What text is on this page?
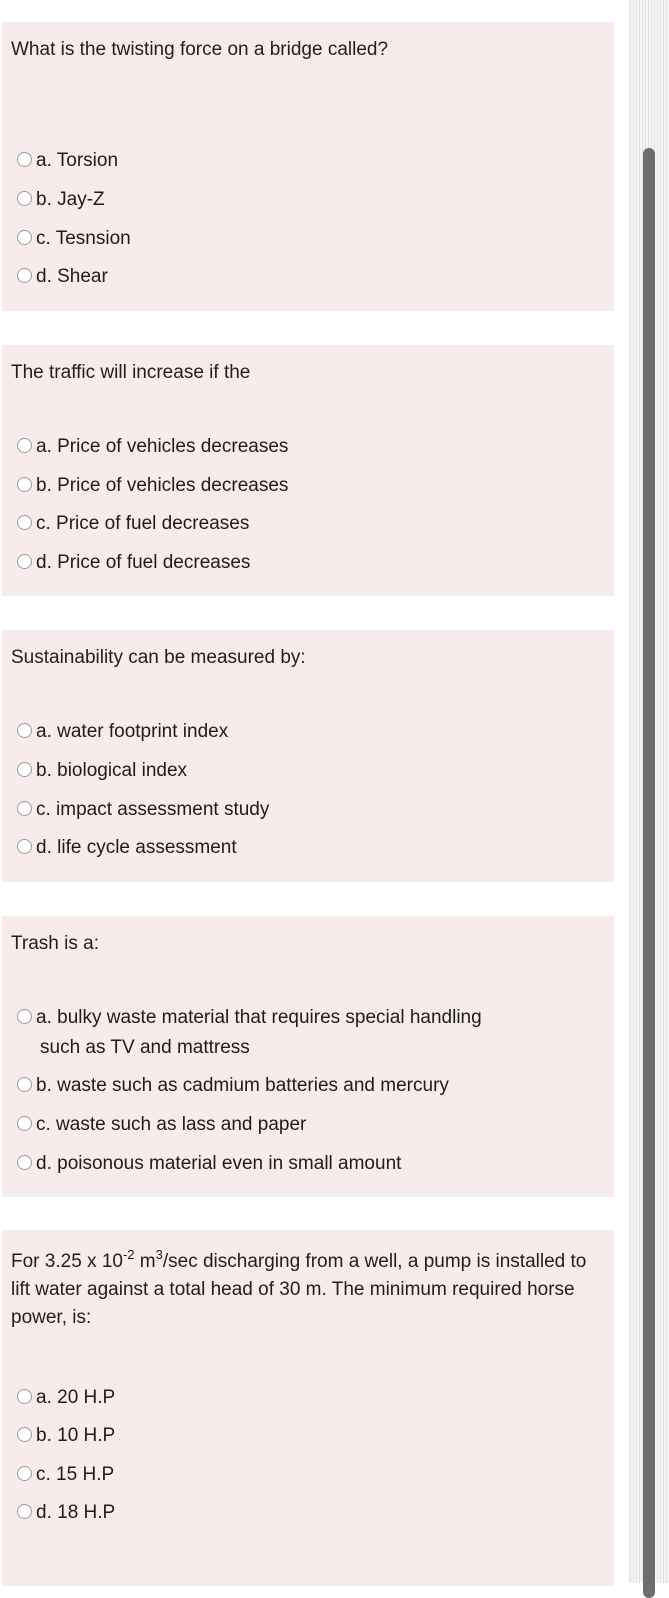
What is the twisting force on a bridge called?
a. Torsion
b. Jay-Z
c. Tesnsion
d. Shear
The traffic will increase if the
a. Price of vehicles decreases
b. Price of vehicles decreases
c. Price of fuel decreases
d. Price of fuel decreases
Sustainability can be measured by:
a. water footprint index
b. biological index
c. impact assessment study
d. life cycle assessment
Trash is a:
a. bulky waste material that requires special handling
such as TV and mattress
b. waste such as cadmium batteries and mercury
c. waste such as lass and paper
d. poisonous material even in small amount
For 3.25 x $10^{-2}$ $m^3/\sec$ discharging from a well, a pump is installed to lift water against a total head of 30 m. The minimum required horse power, is:
a. 20 H.P
b. 10 H.P
c. 15 H.P
d. 18 H.P
